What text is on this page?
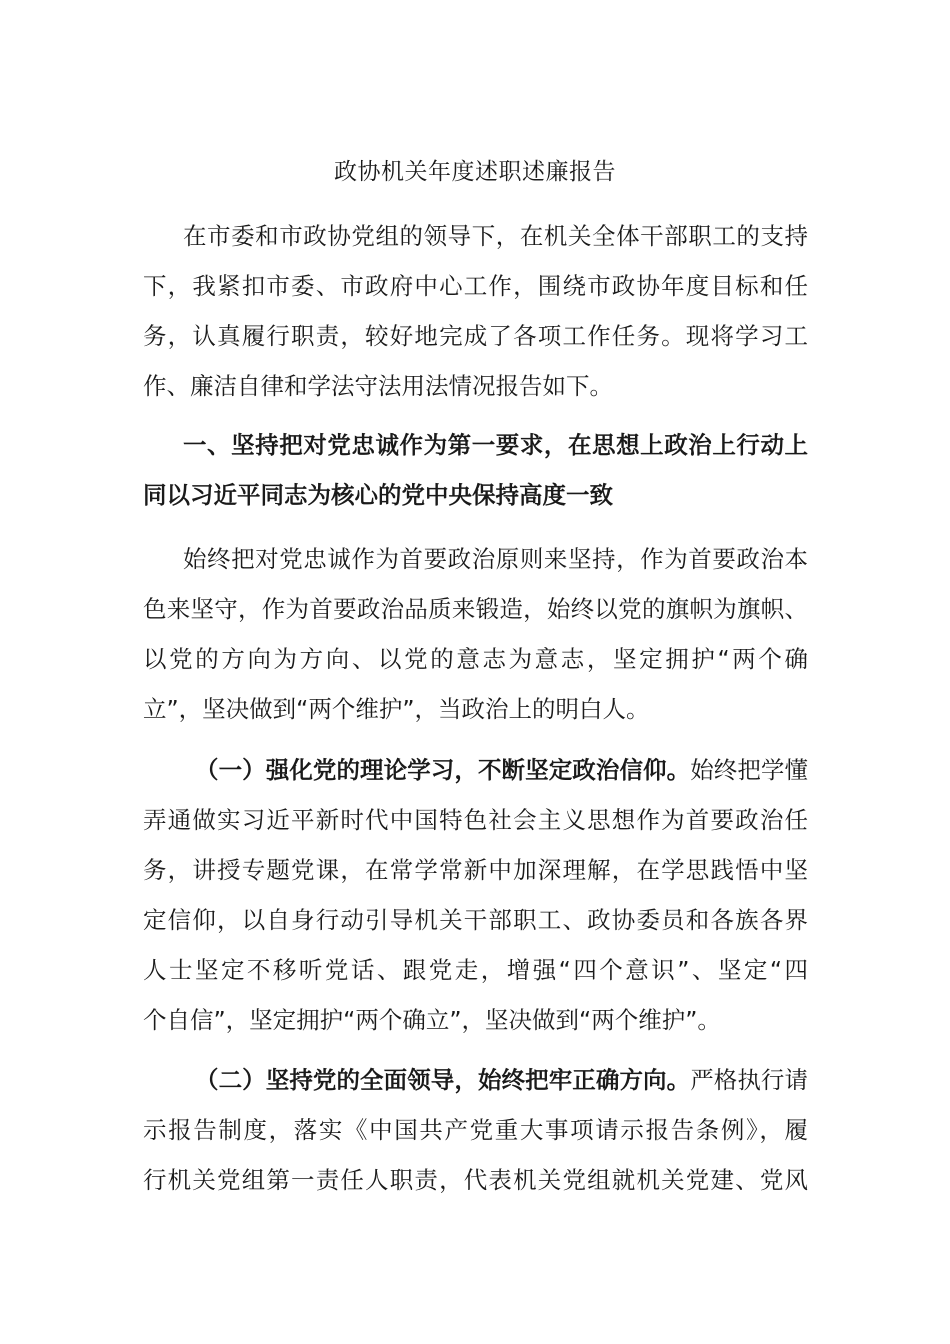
政协机关年度述职述廉报告
在市委和市政协党组的领导下，在机关全体干部职工的支持
下，我紧扣市委、市政府中心工作，围绕市政协年度目标和任
务，认真履行职责，较好地完成了各项工作任务。现将学习工
作、廉洁自律和学法守法用法情况报告如下。
一、坚持把对党忠诚作为第一要求，在思想上政治上行动上
同以习近平同志为核心的党中央保持高度一致
始终把对党忠诚作为首要政治原则来坚持，作为首要政治本
色来坚守，作为首要政治品质来锻造，始终以党的旗帜为旗帜、
以党的方向为方向、以党的意志为意志，坚定拥护“两个确
立”，坚决做到“两个维护”，当政治上的明白人。
（一）强化党的理论学习，不断坚定政治信仰。始终把学懂
弄通做实习近平新时代中国特色社会主义思想作为首要政治任
务，讲授专题党课，在常学常新中加深理解，在学思践悟中坚
定信仰，以自身行动引导机关干部职工、政协委员和各族各界
人士坚定不移听党话、跟党走，增强“四个意识”、坚定“四
个自信”，坚定拥护“两个确立”，坚决做到“两个维护”。
（二）坚持党的全面领导，始终把牢正确方向。严格执行请
示报告制度，落实《中国共产党重大事项请示报告条例》，履
行机关党组第一责任人职责，代表机关党组就机关党建、党风
